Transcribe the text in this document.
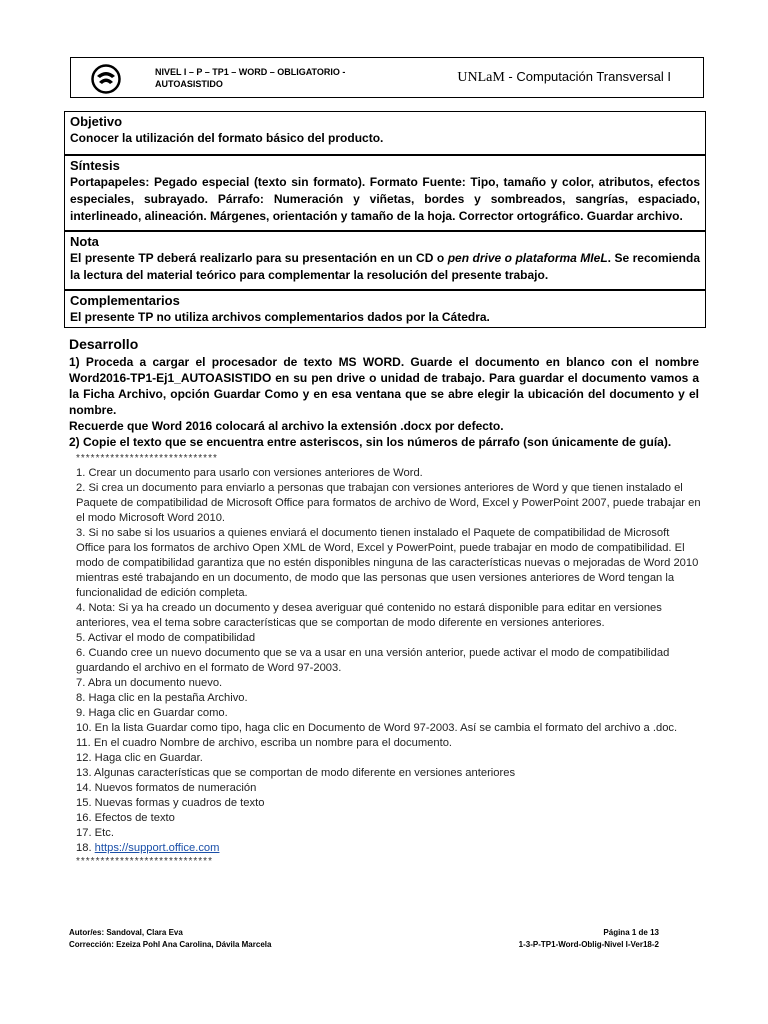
NIVEL I – P – TP1 – WORD – OBLIGATORIO - AUTOASISTIDO	UNLaM - Computación Transversal I
Objetivo
Conocer la utilización del formato básico del producto.
Síntesis
Portapapeles: Pegado especial (texto sin formato). Formato Fuente: Tipo, tamaño y color, atributos, efectos especiales, subrayado. Párrafo: Numeración y viñetas, bordes y sombreados, sangrías, espaciado, interlineado, alineación. Márgenes, orientación y tamaño de la hoja. Corrector ortográfico. Guardar archivo.
Nota
El presente TP deberá realizarlo para su presentación en un CD o pen drive o plataforma MIeL. Se recomienda la lectura del material teórico para complementar la resolución del presente trabajo.
Complementarios
El presente TP no utiliza archivos complementarios dados por la Cátedra.
Desarrollo

1) Proceda a cargar el procesador de texto MS WORD. Guarde el documento en blanco con el nombre Word2016-TP1-Ej1_AUTOASISTIDO en su pen drive o unidad de trabajo. Para guardar el documento vamos a la Ficha Archivo, opción Guardar Como y en esa ventana que se abre elegir la ubicación del documento y el nombre.

Recuerde que Word 2016 colocará al archivo la extensión .docx por defecto.

2) Copie el texto que se encuentra entre asteriscos, sin los números de párrafo (son únicamente de guía).

*****************************

1. Crear un documento para usarlo con versiones anteriores de Word.

2. Si crea un documento para enviarlo a personas que trabajan con versiones anteriores de Word y que tienen instalado el Paquete de compatibilidad de Microsoft Office para formatos de archivo de Word, Excel y PowerPoint 2007, puede trabajar en el modo Microsoft Word 2010.

3. Si no sabe si los usuarios a quienes enviará el documento tienen instalado el Paquete de compatibilidad de Microsoft Office para los formatos de archivo Open XML de Word, Excel y PowerPoint, puede trabajar en modo de compatibilidad. El modo de compatibilidad garantiza que no estén disponibles ninguna de las características nuevas o mejoradas de Word 2010 mientras esté trabajando en un documento, de modo que las personas que usen versiones anteriores de Word tengan la funcionalidad de edición completa.

4. Nota: Si ya ha creado un documento y desea averiguar qué contenido no estará disponible para editar en versiones anteriores, vea el tema sobre características que se comportan de modo diferente en versiones anteriores.

5. Activar el modo de compatibilidad

6. Cuando cree un nuevo documento que se va a usar en una versión anterior, puede activar el modo de compatibilidad guardando el archivo en el formato de Word 97-2003.

7. Abra un documento nuevo.

8. Haga clic en la pestaña Archivo.

9. Haga clic en Guardar como.

10. En la lista Guardar como tipo, haga clic en Documento de Word 97-2003. Así se cambia el formato del archivo a .doc.

11. En el cuadro Nombre de archivo, escriba un nombre para el documento.

12. Haga clic en Guardar.

13. Algunas características que se comportan de modo diferente en versiones anteriores

14. Nuevos formatos de numeración

15. Nuevas formas y cuadros de texto

16. Efectos de texto

17. Etc.

18. https://support.office.com

****************************
Autor/es: Sandoval, Clara Eva
Corrección: Ezeiza Pohl Ana Carolina, Dávila Marcela
Página 1 de 13
1-3-P-TP1-Word-Oblig-Nivel I-Ver18-2
